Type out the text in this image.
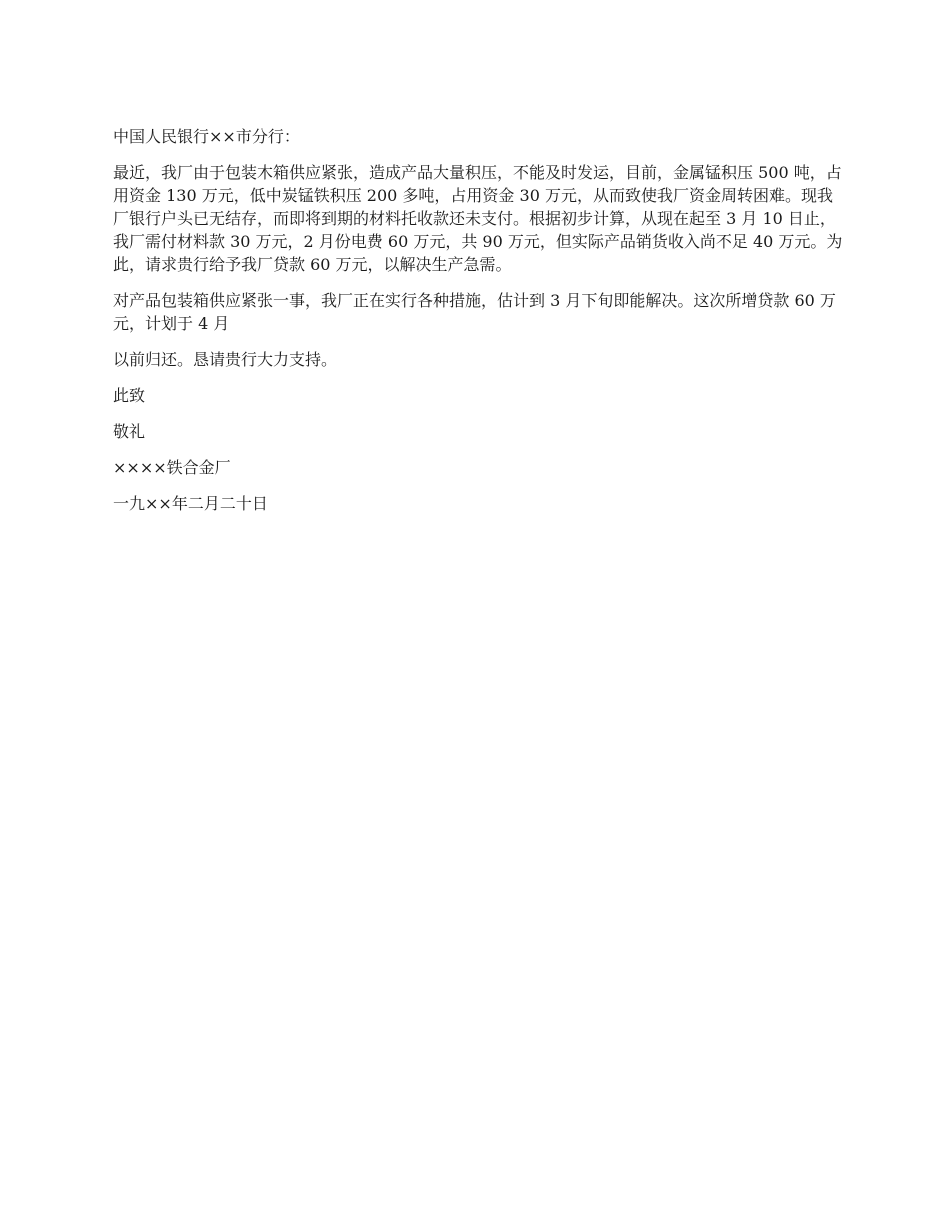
中国人民银行××市分行：

最近，我厂由于包装木箱供应紧张，造成产品大量积压，不能及时发运，目前，金属锰积压 500 吨，占用资金 130 万元，低中炭锰铁积压 200 多吨，占用资金 30 万元，从而致使我厂资金周转困难。现我厂银行户头已无结存，而即将到期的材料托收款还未支付。根据初步计算，从现在起至 3 月 10 日止，我厂需付材料款 30 万元，2 月份电费 60 万元，共 90 万元，但实际产品销货收入尚不足 40 万元。为此，请求贵行给予我厂贷款 60 万元，以解决生产急需。

对产品包装箱供应紧张一事，我厂正在实行各种措施，估计到 3 月下旬即能解决。这次所增贷款 60 万元，计划于 4 月

以前归还。恳请贵行大力支持。

此致

敬礼

××××铁合金厂

一九××年二月二十日
